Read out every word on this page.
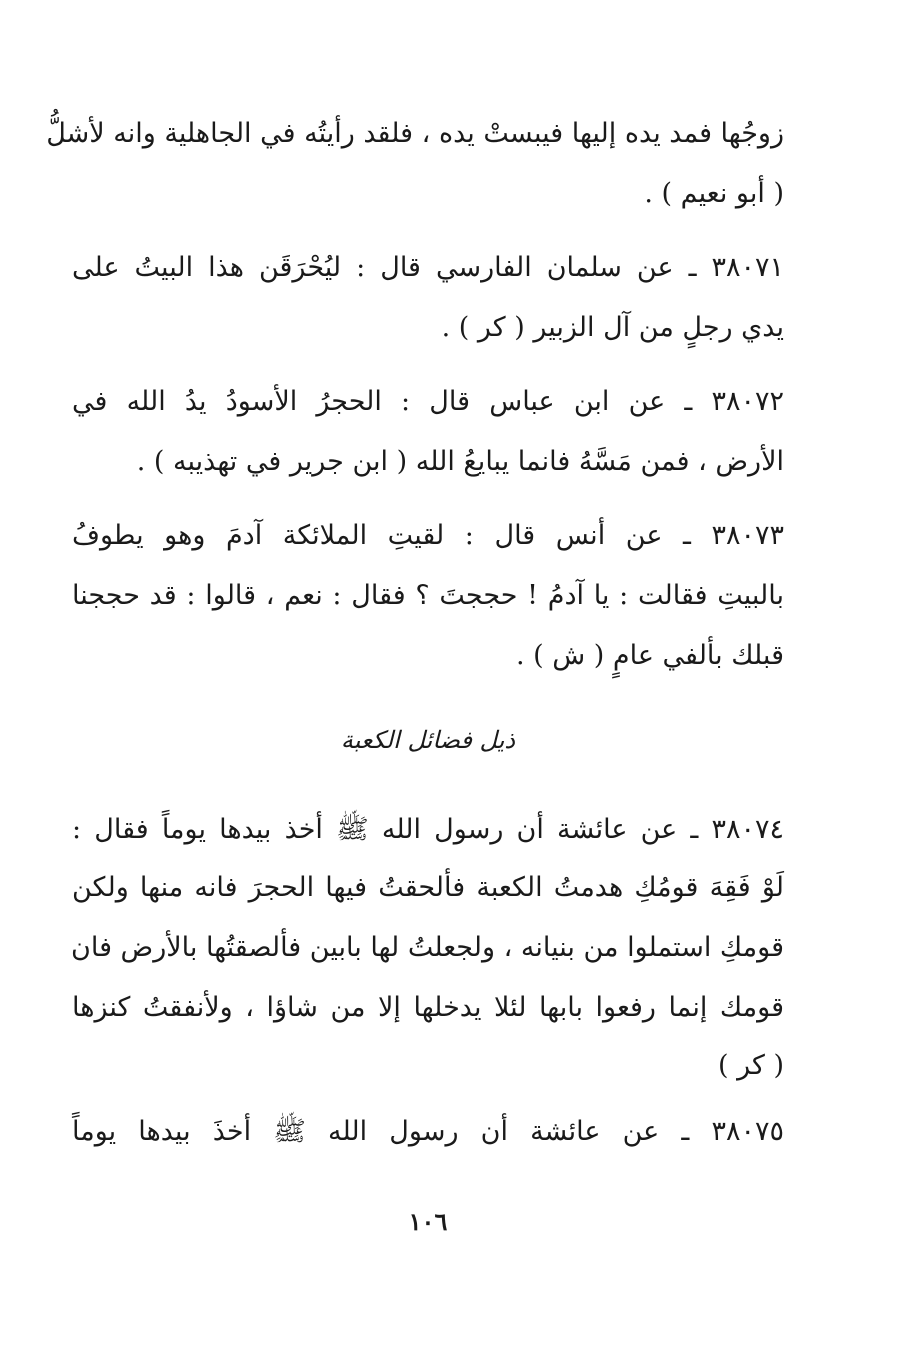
زوجُها فمد يده إليها فيبستْ يده ، فلقد رأيتُه في الجاهلية وانه لأشلُّ
( أبو نعيم ) .
٣٨٠٧١ ـ عن سلمان الفارسي قال : ليُحْرَقَن هذا البيتُ على
يدي رجلٍ من آل الزبير ( كر ) .
٣٨٠٧٢ ـ عن ابن عباس قال : الحجرُ الأسودُ يدُ الله في
الأرض ، فمن مَسَّهُ فانما يبايعُ الله ( ابن جرير في تهذيبه ) .
٣٨٠٧٣ ـ عن أنس قال : لقيتِ الملائكة آدمَ وهو يطوفُ
بالبيتِ فقالت : يا آدمُ ! حججتَ ؟ فقال : نعم ، قالوا : قد حججنا
قبلك بألفي عامٍ ( ش ) .
ذيل فضائل الكعبة
٣٨٠٧٤ ـ عن عائشة أن رسول الله ﷺ أخذ بيدها يوماً فقال :
لَوْ فَقِهَ قومُكِ هدمتُ الكعبة فألحقتُ فيها الحجرَ فانه منها ولكن
قومكِ استملوا من بنيانه ، ولجعلتُ لها بابين فألصقتُها بالأرض فان
قومك إنما رفعوا بابها لئلا يدخلها إلا من شاؤا ، ولأنفقتُ كنزها
( كر )
٣٨٠٧٥ ـ عن عائشة أن رسول الله ﷺ أخذَ بيدها يوماً
١٠٦
